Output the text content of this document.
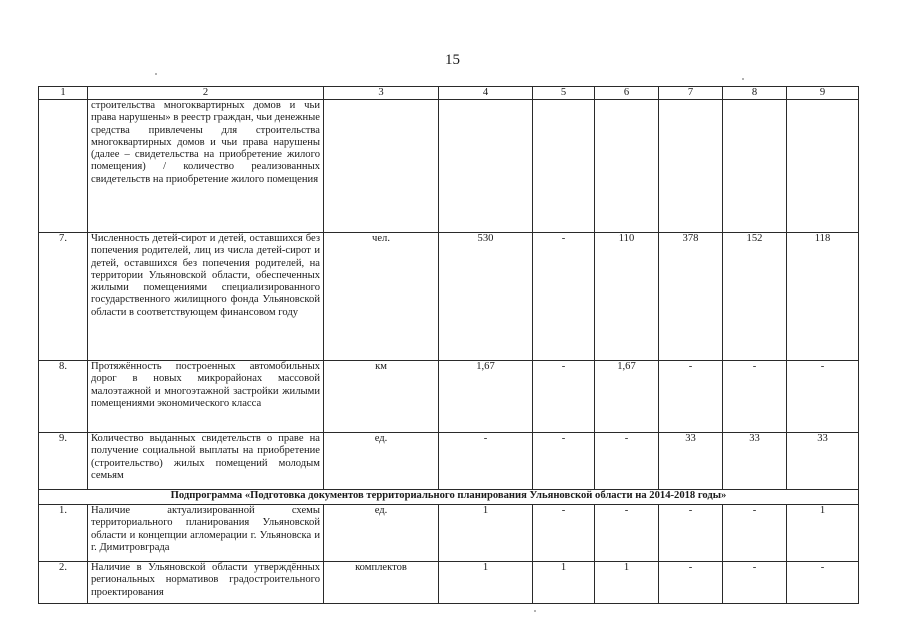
15
1	2	3	4	5	6	7	8	9
	строительства многоквартирных домов и чьи права нарушены» в реестр граждан, чьи денежные средства привлечены для строительства многоквартирных домов и чьи права нарушены (далее – свидетельства на приобретение жилого помещения) / количество реализованных свидетельств на приобретение жилого помещения							
7.	Численность детей-сирот и детей, оставшихся без попечения родителей, лиц из числа детей-сирот и детей, оставшихся без попечения родителей, на территории Ульяновской области, обеспеченных жилыми помещениями специализированного государственного жилищного фонда Ульяновской области в соответствующем финансовом году	чел.	530	-	110	378	152	118
8.	Протяжённость построенных автомобильных дорог в новых микрорайонах массовой малоэтажной и многоэтажной застройки жилыми помещениями экономического класса	км	1,67	-	1,67	-	-	-
9.	Количество выданных свидетельств о праве на получение социальной выплаты на приобретение (строительство) жилых помещений молодым семьям	ед.	-	-	-	33	33	33
Подпрограмма «Подготовка документов территориального планирования Ульяновской области на 2014-2018 годы»								
1.	Наличие актуализированной схемы территориального планирования Ульяновской области и концепции агломерации г. Ульяновска и г. Димитровграда	ед.	1	-	-	-	-	1
2.	Наличие в Ульяновской области утверждённых региональных нормативов градостроительного проектирования	комплектов	1	1	1	-	-	-
